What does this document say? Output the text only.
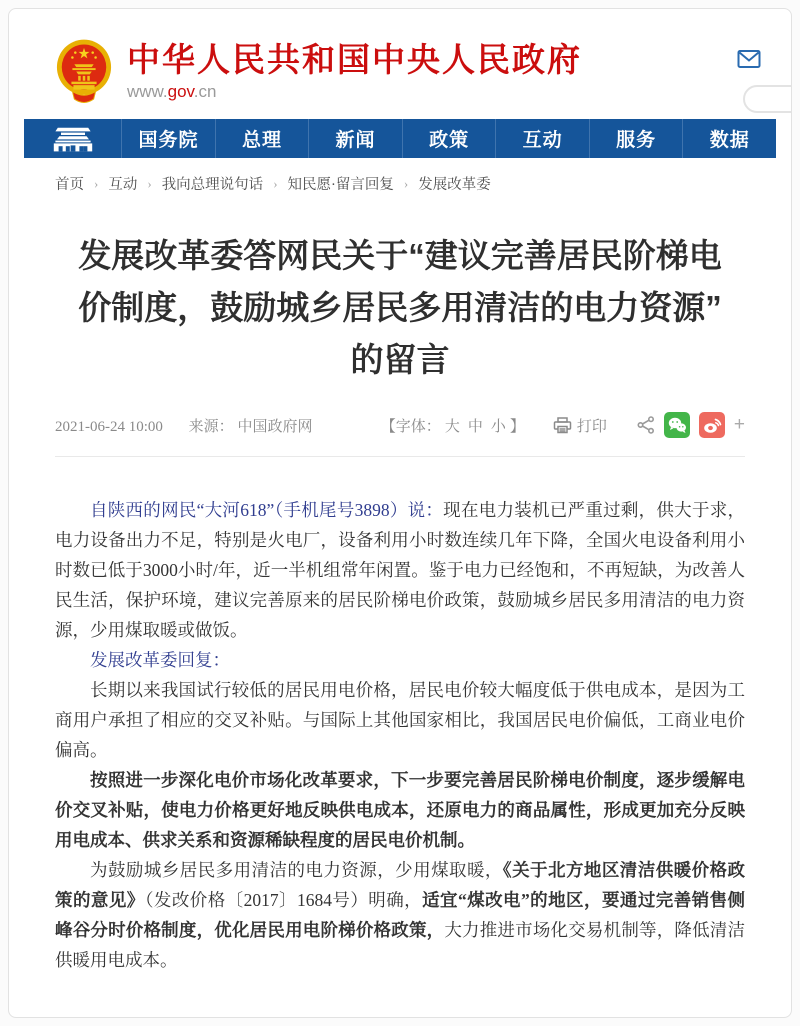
中华人民共和国中央人民政府
www.gov.cn
国务院	总理	新闻	政策	互动	服务	数据
首页 › 互动 › 我向总理说句话 › 知民愿·留言回复 › 发展改革委
发展改革委答网民关于“建议完善居民阶梯电价制度，鼓励城乡居民多用清洁的电力资源”的留言
2021-06-24 10:00 来源： 中国政府网	【字体： 大 中 小 】	打印	+

自陕西的网民“大河618”（手机尾号3898）说：现在电力装机已严重过剩，供大于求，电力设备出力不足，特别是火电厂，设备利用小时数连续几年下降，全国火电设备利用小时数已低于3000小时/年，近一半机组常年闲置。鉴于电力已经饱和，不再短缺，为改善人民生活，保护环境，建议完善原来的居民阶梯电价政策，鼓励城乡居民多用清洁的电力资源，少用煤取暖或做饭。

发展改革委回复：

长期以来我国试行较低的居民用电价格，居民电价较大幅度低于供电成本，是因为工商用户承担了相应的交叉补贴。与国际上其他国家相比，我国居民电价偏低，工商业电价偏高。

按照进一步深化电价市场化改革要求，下一步要完善居民阶梯电价制度，逐步缓解电价交叉补贴，使电力价格更好地反映供电成本，还原电力的商品属性，形成更加充分反映用电成本、供求关系和资源稀缺程度的居民电价机制。

为鼓励城乡居民多用清洁的电力资源，少用煤取暖，《关于北方地区清洁供暖价格政策的意见》（发改价格〔2017〕1684号）明确，适宜“煤改电”的地区，要通过完善销售侧峰谷分时价格制度，优化居民用电阶梯价格政策，大力推进市场化交易机制等，降低清洁供暖用电成本。
